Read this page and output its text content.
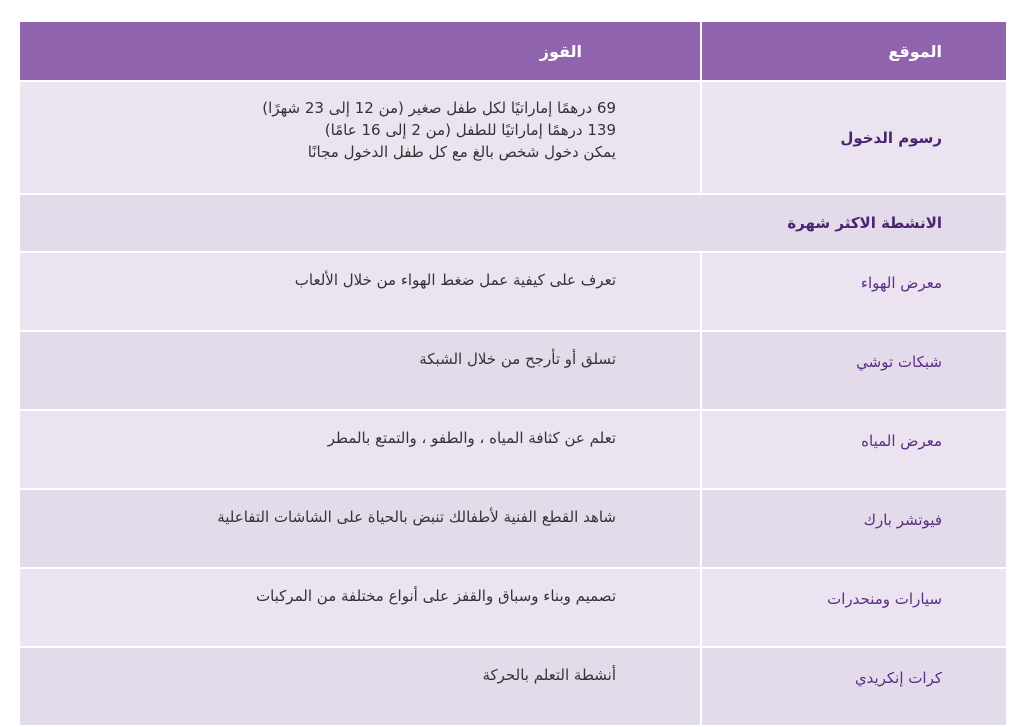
الموقع	القوز
رسوم الدخول	69 درهمًا إماراتيًا لكل طفل صغير (من 12 إلى 23 شهرًا)
139 درهمًا إماراتيًا للطفل (من 2 إلى 16 عامًا)
يمكن دخول شخص بالغ مع كل طفل الدخول مجانًا

الانشطة الاكثر شهرة	
معرض الهواء	تعرف على كيفية عمل ضغط الهواء من خلال الألعاب
شبكات توشي	تسلق أو تأرجح من خلال الشبكة
معرض المياه	تعلم عن كثافة المياه ، والطفو ، والتمتع بالمطر
فيوتشر بارك	شاهد القطع الفنية لأطفالك تنبض بالحياة على الشاشات التفاعلية
سيارات ومنحدرات	تصميم وبناء وسباق والقفز على أنواع مختلفة من المركبات
كرات إنكريدي	أنشطة التعلم بالحركة
